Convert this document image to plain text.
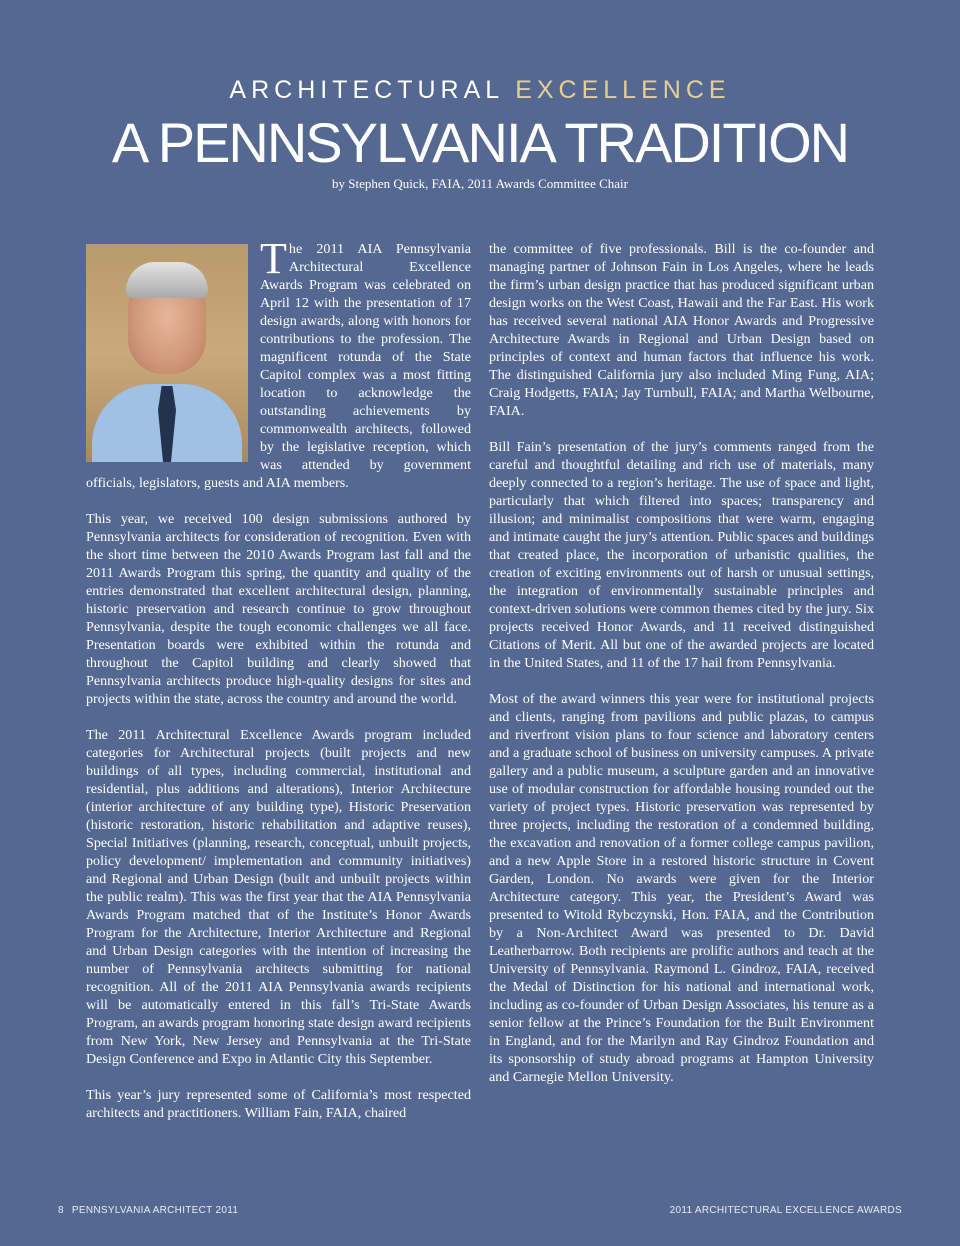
ARCHITECTURAL EXCELLENCE
A PENNSYLVANIA TRADITION
by Stephen Quick, FAIA, 2011 Awards Committee Chair

The 2011 AIA Pennsylvania Architectural Excellence Awards Program was celebrated on April 12 with the presentation of 17 design awards, along with honors for contributions to the profession. The magnificent rotunda of the State Capitol complex was a most fitting location to acknowledge the outstanding achievements by commonwealth architects, followed by the legislative reception, which was attended by government officials, legislators, guests and AIA members.

This year, we received 100 design submissions authored by Pennsylvania architects for consideration of recognition. Even with the short time between the 2010 Awards Program last fall and the 2011 Awards Program this spring, the quantity and quality of the entries demonstrated that excellent architectural design, planning, historic preservation and research continue to grow throughout Pennsylvania, despite the tough economic challenges we all face. Presentation boards were exhibited within the rotunda and throughout the Capitol building and clearly showed that Pennsylvania architects produce high-quality designs for sites and projects within the state, across the country and around the world.

The 2011 Architectural Excellence Awards program included categories for Architectural projects (built projects and new buildings of all types, including commercial, institutional and residential, plus additions and alterations), Interior Architecture (interior architecture of any building type), Historic Preservation (historic restoration, historic rehabilitation and adaptive reuses), Special Initiatives (planning, research, conceptual, unbuilt projects, policy development/ implementation and community initiatives) and Regional and Urban Design (built and unbuilt projects within the public realm). This was the first year that the AIA Pennsylvania Awards Program matched that of the Institute’s Honor Awards Program for the Architecture, Interior Architecture and Regional and Urban Design categories with the intention of increasing the number of Pennsylvania architects submitting for national recognition. All of the 2011 AIA Pennsylvania awards recipients will be automatically entered in this fall’s Tri-State Awards Program, an awards program honoring state design award recipients from New York, New Jersey and Pennsylvania at the Tri-State Design Conference and Expo in Atlantic City this September.

This year’s jury represented some of California’s most respected architects and practitioners. William Fain, FAIA, chaired

the committee of five professionals. Bill is the co-founder and managing partner of Johnson Fain in Los Angeles, where he leads the firm’s urban design practice that has produced significant urban design works on the West Coast, Hawaii and the Far East. His work has received several national AIA Honor Awards and Progressive Architecture Awards in Regional and Urban Design based on principles of context and human factors that influence his work. The distinguished California jury also included Ming Fung, AIA; Craig Hodgetts, FAIA; Jay Turnbull, FAIA; and Martha Welbourne, FAIA.

Bill Fain’s presentation of the jury’s comments ranged from the careful and thoughtful detailing and rich use of materials, many deeply connected to a region’s heritage. The use of space and light, particularly that which filtered into spaces; transparency and illusion; and minimalist compositions that were warm, engaging and intimate caught the jury’s attention. Public spaces and buildings that created place, the incorporation of urbanistic qualities, the creation of exciting environments out of harsh or unusual settings, the integration of environmentally sustainable principles and context-driven solutions were common themes cited by the jury. Six projects received Honor Awards, and 11 received distinguished Citations of Merit. All but one of the awarded projects are located in the United States, and 11 of the 17 hail from Pennsylvania.

Most of the award winners this year were for institutional projects and clients, ranging from pavilions and public plazas, to campus and riverfront vision plans to four science and laboratory centers and a graduate school of business on university campuses. A private gallery and a public museum, a sculpture garden and an innovative use of modular construction for affordable housing rounded out the variety of project types. Historic preservation was represented by three projects, including the restoration of a condemned building, the excavation and renovation of a former college campus pavilion, and a new Apple Store in a restored historic structure in Covent Garden, London. No awards were given for the Interior Architecture category. This year, the President’s Award was presented to Witold Rybczynski, Hon. FAIA, and the Contribution by a Non-Architect Award was presented to Dr. David Leatherbarrow. Both recipients are prolific authors and teach at the University of Pennsylvania. Raymond L. Gindroz, FAIA, received the Medal of Distinction for his national and international work, including as co-founder of Urban Design Associates, his tenure as a senior fellow at the Prince’s Foundation for the Built Environment in England, and for the Marilyn and Ray Gindroz Foundation and its sponsorship of study abroad programs at Hampton University and Carnegie Mellon University.

8 PENNSYLVANIA ARCHITECT 2011	2011 ARCHITECTURAL EXCELLENCE AWARDS
